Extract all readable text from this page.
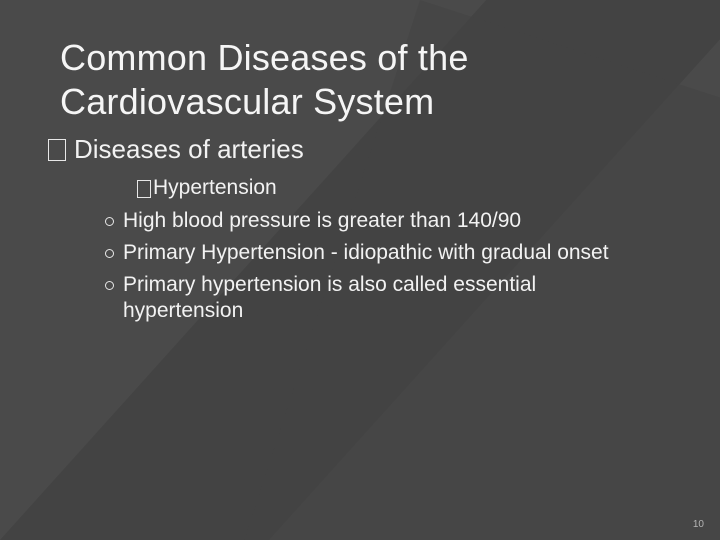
Common Diseases of the Cardiovascular System
Diseases of arteries
Hypertension
High blood pressure is greater than 140/90
Primary Hypertension - idiopathic with gradual onset
Primary hypertension is also called essential hypertension
10
